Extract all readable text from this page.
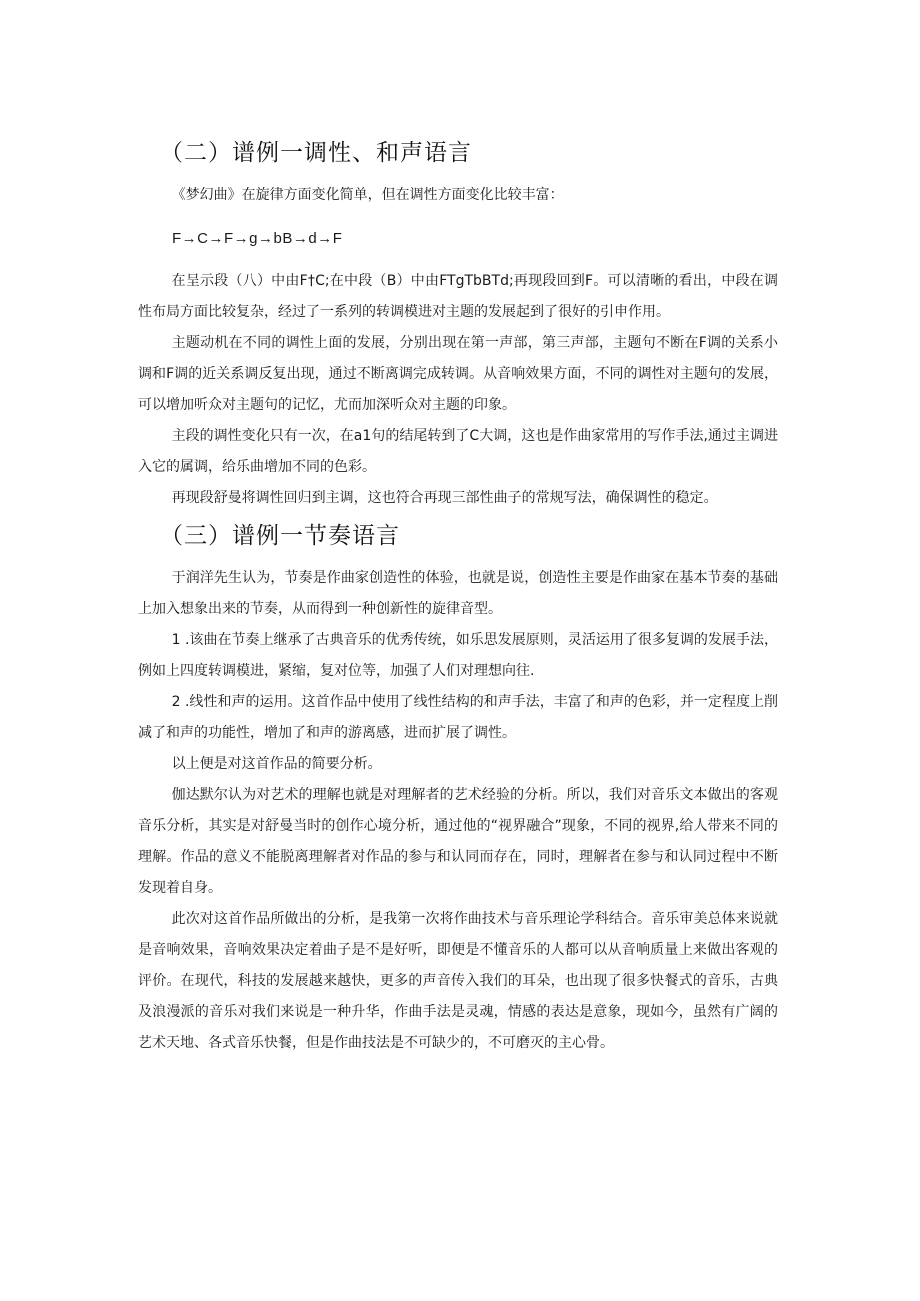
（二）谱例一调性、和声语言

《梦幻曲》在旋律方面变化简单，但在调性方面变化比较丰富：

F→C→F→g→bB→d→F

在呈示段（八）中由F†C;在中段（B）中由FTgTbBTd;再现段回到F。可以清晰的看出，中段在调性布局方面比较复杂，经过了一系列的转调模进对主题的发展起到了很好的引申作用。

主题动机在不同的调性上面的发展，分别出现在第一声部，第三声部，主题句不断在F调的关系小调和F调的近关系调反复出现，通过不断离调完成转调。从音响效果方面，不同的调性对主题句的发展，可以增加听众对主题句的记忆，尤而加深听众对主题的印象。

主段的调性变化只有一次，在a1句的结尾转到了C大调，这也是作曲家常用的写作手法,通过主调进入它的属调，给乐曲增加不同的色彩。

再现段舒曼将调性回归到主调，这也符合再现三部性曲子的常规写法，确保调性的稳定。

（三）谱例一节奏语言

于润洋先生认为，节奏是作曲家创造性的体验，也就是说，创造性主要是作曲家在基本节奏的基础上加入想象出来的节奏，从而得到一种创新性的旋律音型。

1 .该曲在节奏上继承了古典音乐的优秀传统，如乐思发展原则，灵活运用了很多复调的发展手法，例如上四度转调模进，紧缩，复对位等，加强了人们对理想向往.

2 .线性和声的运用。这首作品中使用了线性结构的和声手法，丰富了和声的色彩，并一定程度上削减了和声的功能性，增加了和声的游离感，进而扩展了调性。

以上便是对这首作品的简要分析。

伽达默尔认为对艺术的理解也就是对理解者的艺术经验的分析。所以，我们对音乐文本做出的客观音乐分析，其实是对舒曼当时的创作心境分析，通过他的“视界融合”现象，不同的视界,给人带来不同的理解。作品的意义不能脱离理解者对作品的参与和认同而存在，同时，理解者在参与和认同过程中不断发现着自身。

此次对这首作品所做出的分析，是我第一次将作曲技术与音乐理论学科结合。音乐审美总体来说就是音响效果，音响效果决定着曲子是不是好听，即便是不懂音乐的人都可以从音响质量上来做出客观的评价。在现代，科技的发展越来越快，更多的声音传入我们的耳朵，也出现了很多快餐式的音乐，古典及浪漫派的音乐对我们来说是一种升华，作曲手法是灵魂，情感的表达是意象，现如今，虽然有广阔的艺术天地、各式音乐快餐，但是作曲技法是不可缺少的，不可磨灭的主心骨。
